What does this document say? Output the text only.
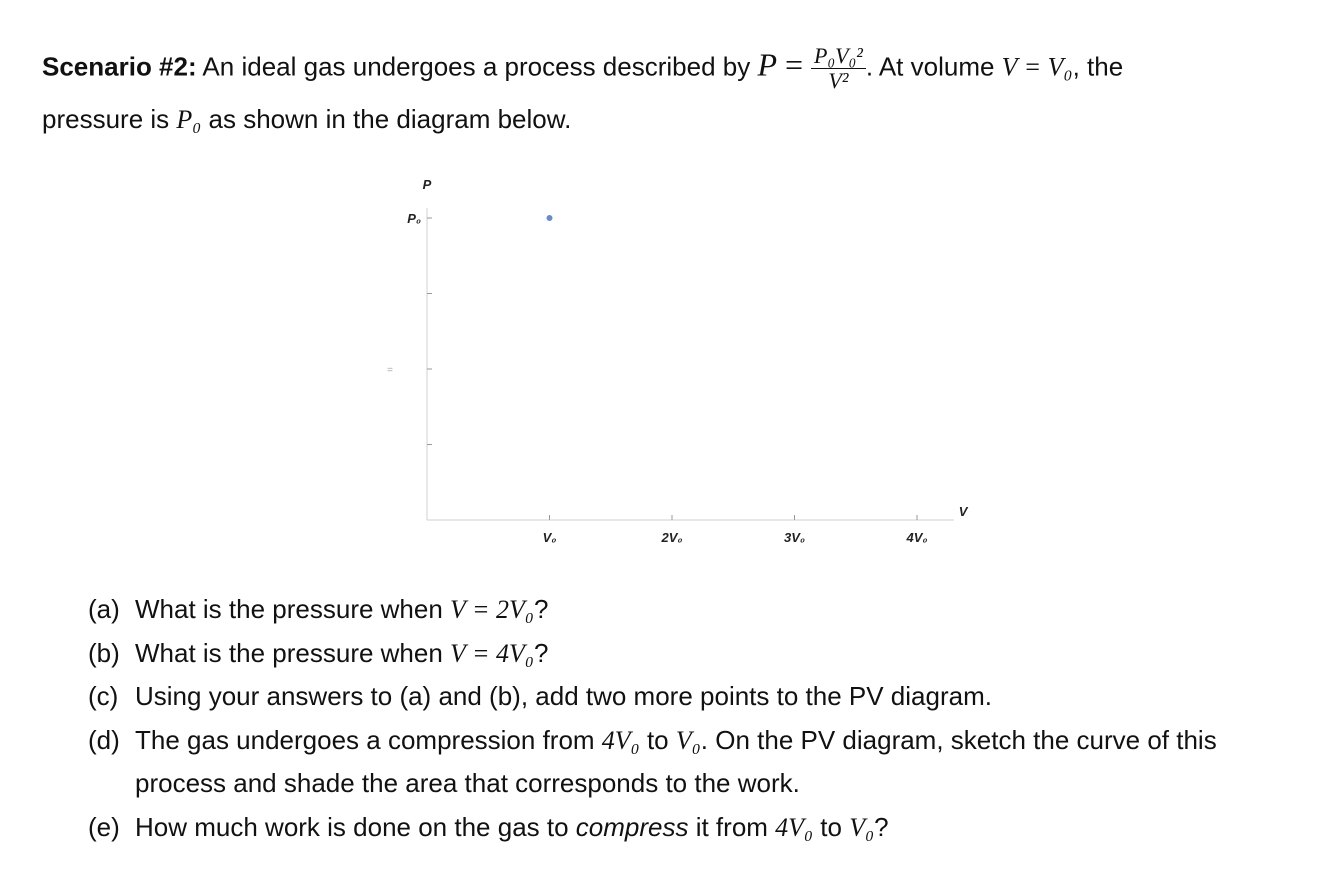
Scenario #2: An ideal gas undergoes a process described by $P = \frac{\text{P₀V₀²}}{\text{V²}}$ . At volume V = V₀, the
pressure is P₀ as shown in the diagram below.
V₀	2V₀	3V₀	4V₀
P₀
P
V
=
(a) What is the pressure when V = 2V₀?
(b) What is the pressure when V = 4V₀?
(c) Using your answers to (a) and (b), add two more points to the PV diagram.
(d) The gas undergoes a compression from 4V₀ to V₀. On the PV diagram, sketch the curve of this
process and shade the area that corresponds to the work.
(e) How much work is done on the gas to compress it from 4V₀ to V₀?
